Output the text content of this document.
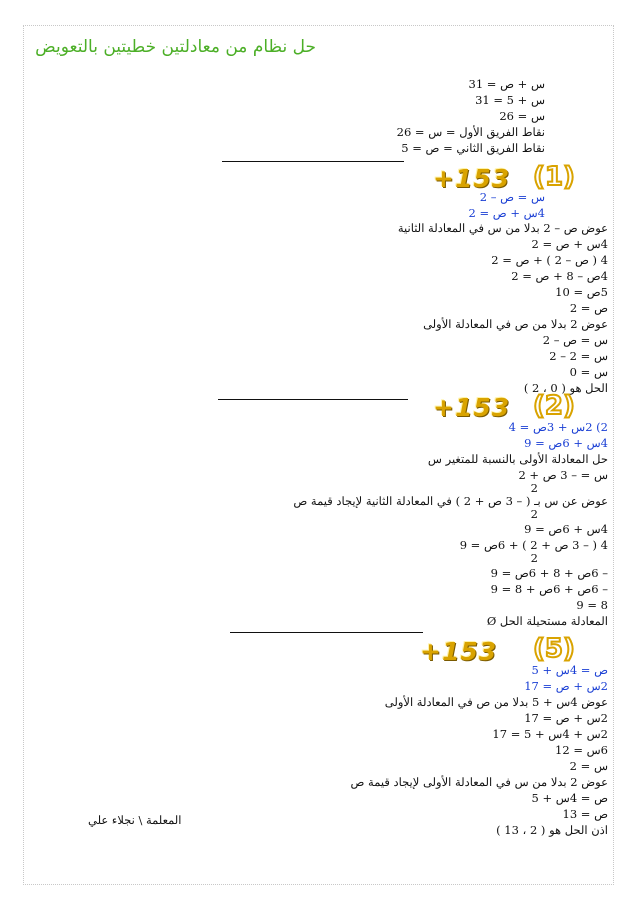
حل نظام من معادلتين خطيتين بالتعويض
س + ص = 31
س + 5 = 31
س = 26
نقاط الفريق الأول = س = 26
نقاط الفريق الثاني = ص = 5
+153 (1)
س = ص – 2
4س + ص = 2
عوض ص – 2 بدلا من س في المعادلة الثانية
4س + ص = 2
4 ( ص – 2 ) + ص = 2
4ص – 8 + ص = 2
5ص = 10
ص = 2
عوض 2 بدلا من ص في المعادلة الأولى
س = ص – 2
س = 2 – 2
س = 0
الحل هو ( 0 ، 2 )
+153 (2)
2) 2س + 3ص = 4
4س + 6ص = 9
حل المعادلة الأولى بالنسبة للمتغير س
س = – 3 ص + 2
2
عوض عن س بـ ( – 3 ص + 2 ) في المعادلة الثانية لإيجاد قيمة ص
2
4س + 6ص = 9
4 ( – 3 ص + 2 ) + 6ص = 9
2
– 6ص + 8 + 6ص = 9
– 6ص + 6ص + 8 = 9
8 = 9
المعادلة مستحيلة الحل Ø
+153 (5)
ص = 4س + 5
2س + ص = 17
عوض 4س + 5 بدلا من ص في المعادلة الأولى
2س + ص = 17
2س + 4س + 5 = 17
6س = 12
س = 2
عوض 2 بدلا من س في المعادلة الأولى لإيجاد قيمة ص
ص = 4س + 5
ص = 13
اذن الحل هو ( 2 ، 13 )
المعلمة \ نجلاء علي
